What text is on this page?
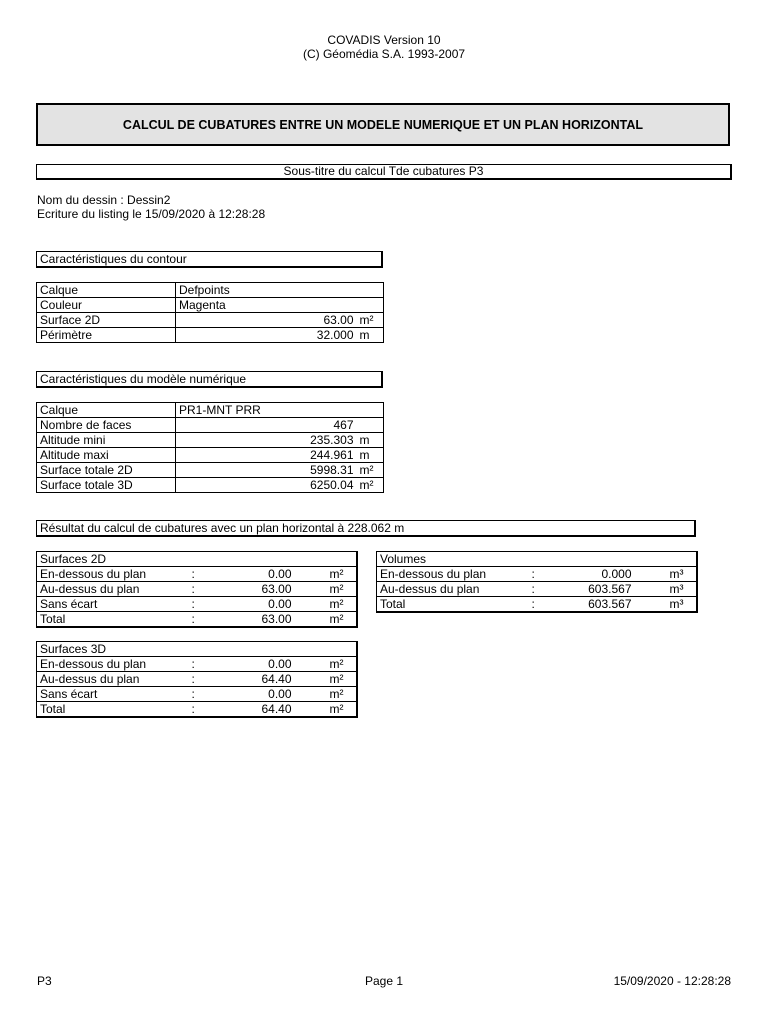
COVADIS Version 10
(C) Géomédia S.A. 1993-2007
CALCUL DE CUBATURES ENTRE UN MODELE NUMERIQUE ET UN PLAN HORIZONTAL
Sous-titre du calcul Tde cubatures P3
Nom du dessin : Dessin2
Ecriture du listing le 15/09/2020 à 12:28:28
Caractéristiques du contour
Calque	Defpoints	
Couleur	Magenta	
Surface 2D	63.00	m²
Périmètre	32.000	m
Caractéristiques du modèle numérique
Calque	PR1-MNT PRR	
Nombre de faces	467	
Altitude mini	235.303	m
Altitude maxi	244.961	m
Surface totale 2D	5998.31	m²
Surface totale 3D	6250.04	m²
Résultat du calcul de cubatures avec un plan horizontal à 228.062 m
Surfaces 2D			
En-dessous du plan	: 0.00		m²
Au-dessus du plan	: 63.00		m²
Sans écart	: 0.00		m²
Total	: 63.00		m²
Volumes			
En-dessous du plan	: 0.000		m³
Au-dessus du plan	: 603.567		m³
Total	: 603.567		m³
Surfaces 3D			
En-dessous du plan	: 0.00		m²
Au-dessus du plan	: 64.40		m²
Sans écart	: 0.00		m²
Total	: 64.40		m²
P3	Page 1	15/09/2020 - 12:28:28
